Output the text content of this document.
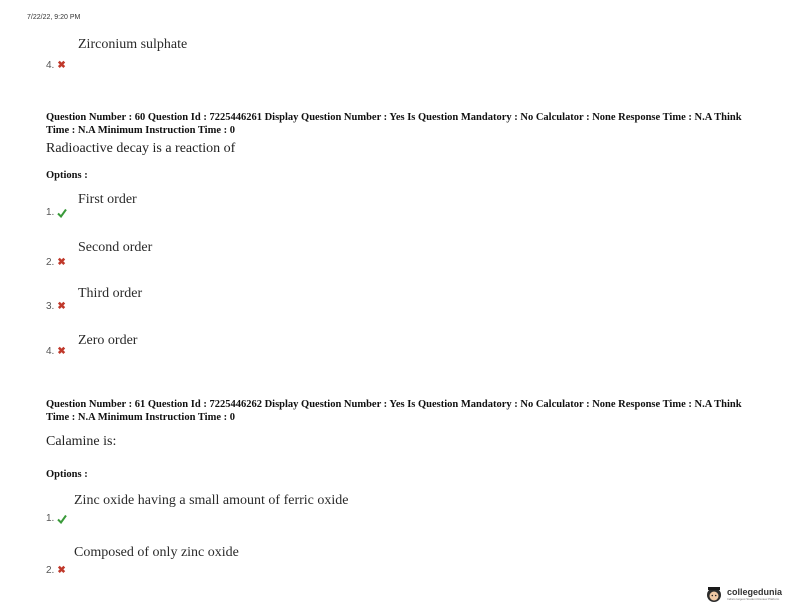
7/22/22, 9:20 PM
Zirconium sulphate
4. ✖
Question Number : 60 Question Id : 7225446261 Display Question Number : Yes Is Question Mandatory : No Calculator : None Response Time : N.A Think Time : N.A Minimum Instruction Time : 0
Radioactive decay is a reaction of
Options :
First order
1.
Second order
2. ✖
Third order
3. ✖
Zero order
4. ✖
Question Number : 61 Question Id : 7225446262 Display Question Number : Yes Is Question Mandatory : No Calculator : None Response Time : N.A Think Time : N.A Minimum Instruction Time : 0
Calamine is:
Options :
Zinc oxide having a small amount of ferric oxide
1.
Composed of only zinc oxide
2. ✖
collegedunia
India's largest Student Review Platform
